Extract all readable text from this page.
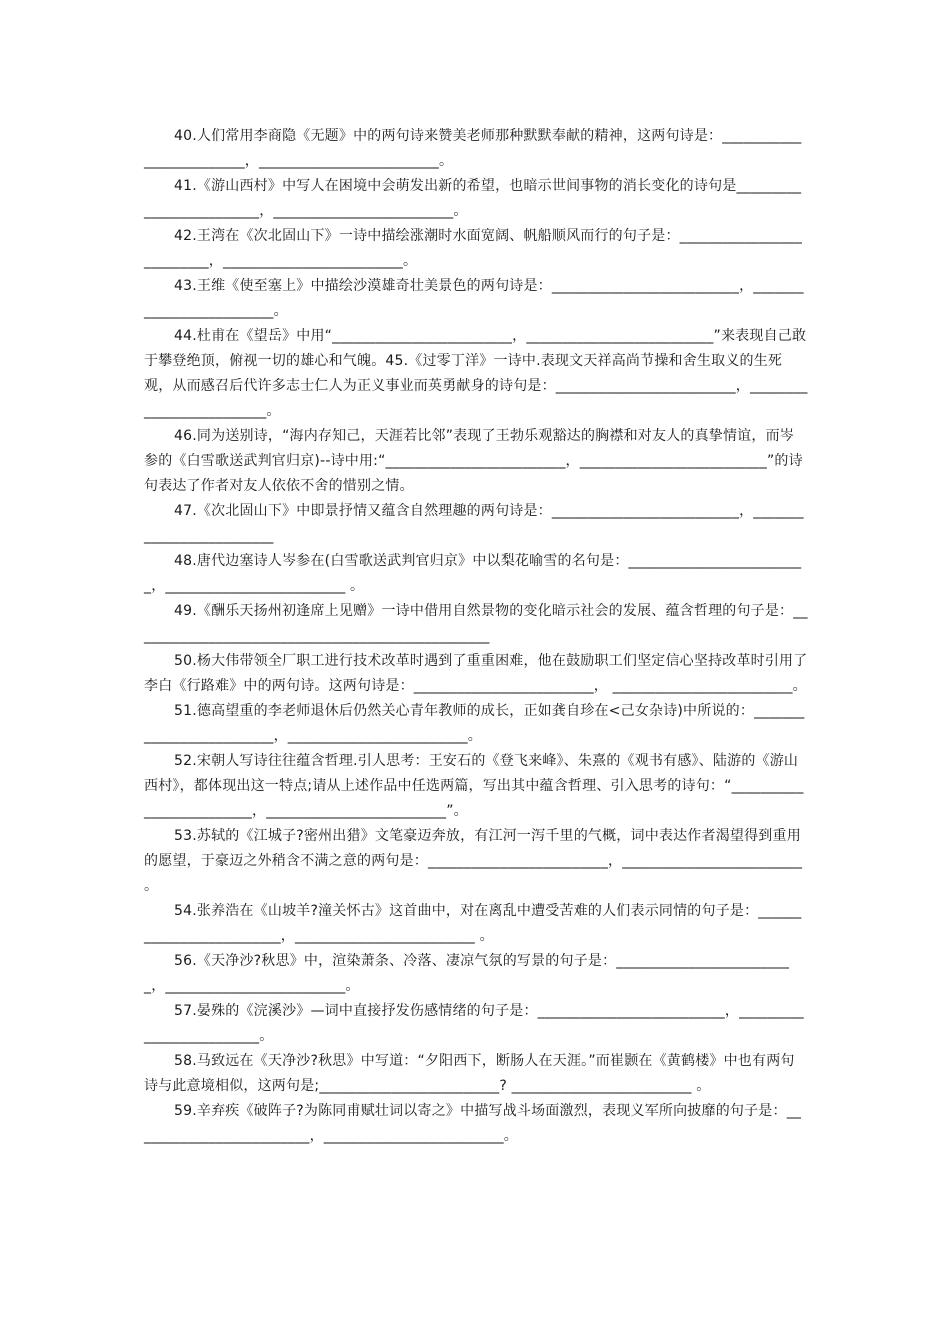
40.人们常用李商隐《无题》中的两句诗来赞美老师那种默默奉献的精神，这两句诗是：_________________________，_________________________。

41.《游山西村》中写人在困境中会萌发出新的希望，也暗示世间事物的消长变化的诗句是_________________________，_________________________。

42.王湾在《次北固山下》一诗中描绘涨潮时水面宽阔、帆船顺风而行的句子是：__________________________，_________________________。

43.王维《使至塞上》中描绘沙漠雄奇壮美景色的两句诗是：__________________________，_________________________。

44.杜甫在《望岳》中用“_________________________，__________________________”来表现自己敢于攀登绝顶，俯视一切的雄心和气魄。45.《过零丁洋》一诗中.表现文天祥高尚节操和舍生取义的生死观，从而感召后代许多志士仁人为正义事业而英勇献身的诗句是：_________________________，_________________________。

46.同为送别诗，“海内存知己，天涯若比邻”表现了王勃乐观豁达的胸襟和对友人的真挚情谊，而岑参的《白雪歌送武判官归京)--诗中用:“_________________________，__________________________”的诗句表达了作者对友人依依不舍的惜别之情。

47.《次北固山下》中即景抒情又蕴含自然理趣的两句诗是：__________________________，_________________________

48.唐代边塞诗人岑参在(白雪歌送武判官归京》中以梨花喻雪的名句是：_________________________，_________________________ 。

49.《酬乐天扬州初逢席上见赠》一诗中借用自然景物的变化暗示社会的发展、蕴含哲理的句子是：__________________________________________________

50.杨大伟带领全厂职工进行技术改革时遇到了重重困难，他在鼓励职工们坚定信心坚持改革时引用了李白《行路难》中的两句诗。这两句诗是：_________________________， _________________________。

51.德高望重的李老师退休后仍然关心青年教师的成长，正如龚自珍在<己女杂诗)中所说的：_________________________，_________________________。

52.宋朝人写诗往往蕴含哲理.引人思考：王安石的《登飞来峰》、朱熹的《观书有感》、陆游的《游山西村》，都体现出这一特点;请从上述作品中任选两篇，写出其中蕴含哲理、引入思考的诗句：“_________________________，_________________________”。

53.苏轼的《江城子?密州出猎》文笔豪迈奔放，有江河一泻千里的气概，词中表达作者渴望得到重用的愿望，于豪迈之外稍含不满之意的两句是：_________________________，_________________________ 。

54.张养浩在《山坡羊?潼关怀古》这首曲中，对在离乱中遭受苦难的人们表示同情的句子是：_________________________，_________________________ 。

56.《天净沙?秋思》中，渲染萧条、冷落、凄凉气氛的写景的句子是：_________________________，_________________________。

57.晏殊的《浣溪沙》—词中直接抒发伤感情绪的句子是：__________________________，_________________________。

58.马致远在《天净沙?秋思》中写道：“夕阳西下，断肠人在天涯。”而崔颢在《黄鹤楼》中也有两句诗与此意境相似，这两句是;_________________________? _________________________ 。

59.辛弃疾《破阵子?为陈同甫赋壮词以寄之》中描写战斗场面激烈，表现义军所向披靡的句子是：_________________________，_________________________。
